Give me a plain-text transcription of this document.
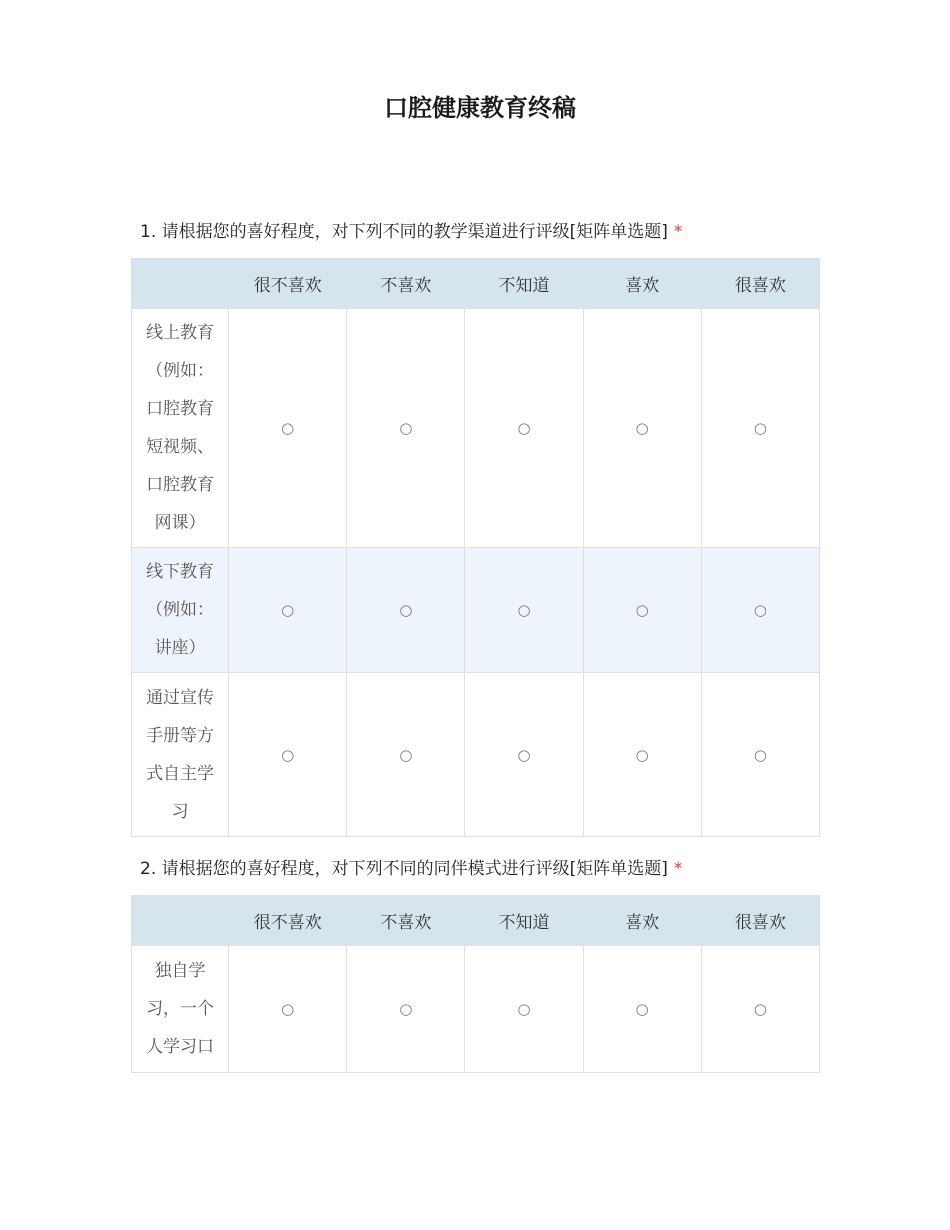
口腔健康教育终稿
1. 请根据您的喜好程度，对下列不同的教学渠道进行评级[矩阵单选题] *
	很不喜欢	不喜欢	不知道	喜欢	很喜欢
线上教育（例如：口腔教育短视频、口腔教育网课）	○	○	○	○	○
线下教育（例如：讲座）	○	○	○	○	○
通过宣传手册等方式自主学习	○	○	○	○	○
2. 请根据您的喜好程度，对下列不同的同伴模式进行评级[矩阵单选题] *
	很不喜欢	不喜欢	不知道	喜欢	很喜欢
独自学习，一个人学习口	○	○	○	○	○
